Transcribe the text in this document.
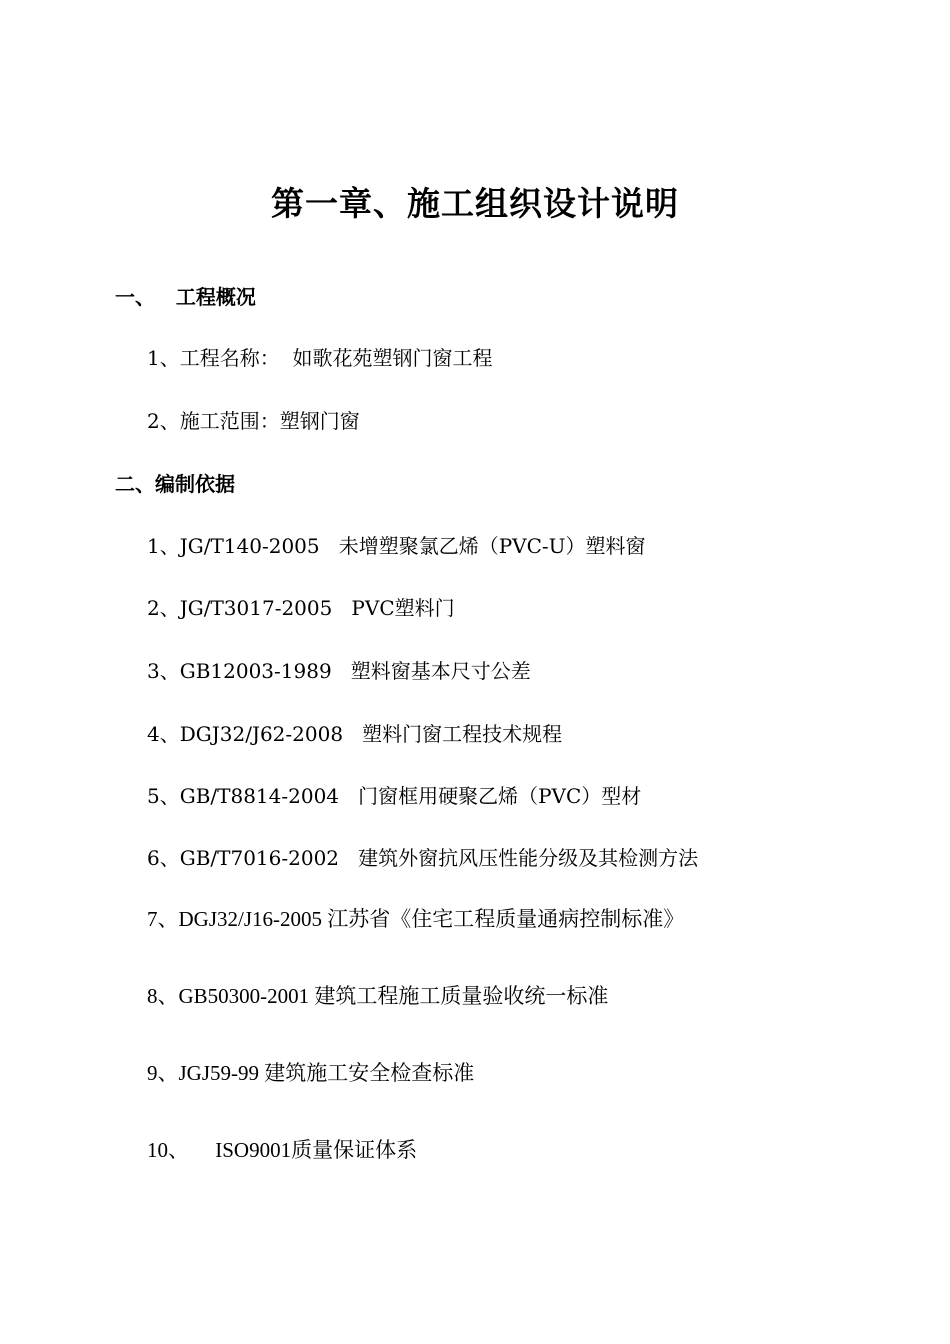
第一章、施工组织设计说明
一、   工程概况
1、工程名称：  如歌花苑塑钢门窗工程
2、施工范围：塑钢门窗
二、编制依据
1、JG/T140-2005   未增塑聚氯乙烯（PVC-U）塑料窗
2、JG/T3017-2005   PVC塑料门
3、GB12003-1989   塑料窗基本尺寸公差
4、DGJ32/J62-2008   塑料门窗工程技术规程
5、GB/T8814-2004   门窗框用硬聚乙烯（PVC）型材
6、GB/T7016-2002   建筑外窗抗风压性能分级及其检测方法
7、DGJ32/J16-2005 江苏省《住宅工程质量通病控制标准》
8、GB50300-2001 建筑工程施工质量验收统一标准
9、JGJ59-99 建筑施工安全检查标准
10、     ISO9001质量保证体系
